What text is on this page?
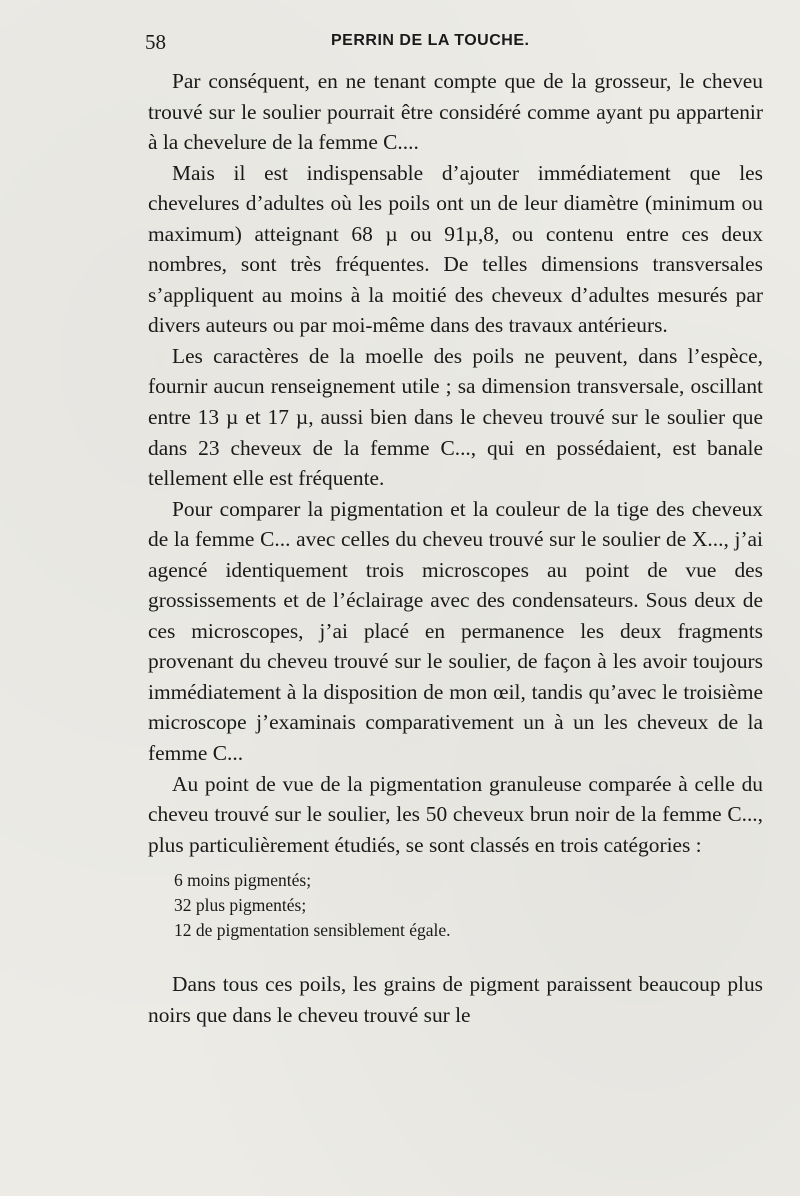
58	PERRIN DE LA TOUCHE.

Par conséquent, en ne tenant compte que de la grosseur, le cheveu trouvé sur le soulier pourrait être considéré comme ayant pu appartenir à la chevelure de la femme C....

Mais il est indispensable d’ajouter immédiatement que les chevelures d’adultes où les poils ont un de leur diamètre (minimum ou maximum) atteignant 68 µ ou 91µ,8, ou contenu entre ces deux nombres, sont très fréquentes. De telles dimensions transversales s’appliquent au moins à la moitié des cheveux d’adultes mesurés par divers auteurs ou par moi-même dans des travaux antérieurs.

Les caractères de la moelle des poils ne peuvent, dans l’espèce, fournir aucun renseignement utile ; sa dimension transversale, oscillant entre 13 µ et 17 µ, aussi bien dans le cheveu trouvé sur le soulier que dans 23 cheveux de la femme C..., qui en possédaient, est banale tellement elle est fréquente.

Pour comparer la pigmentation et la couleur de la tige des cheveux de la femme C... avec celles du cheveu trouvé sur le soulier de X..., j’ai agencé identiquement trois microscopes au point de vue des grossissements et de l’éclairage avec des condensateurs. Sous deux de ces microscopes, j’ai placé en permanence les deux fragments provenant du cheveu trouvé sur le soulier, de façon à les avoir toujours immédiatement à la disposition de mon œil, tandis qu’avec le troisième microscope j’examinais comparativement un à un les cheveux de la femme C...

Au point de vue de la pigmentation granuleuse comparée à celle du cheveu trouvé sur le soulier, les 50 cheveux brun noir de la femme C..., plus particulièrement étudiés, se sont classés en trois catégories :

6 moins pigmentés;
32 plus pigmentés;
12 de pigmentation sensiblement égale.

Dans tous ces poils, les grains de pigment paraissent beaucoup plus noirs que dans le cheveu trouvé sur le
